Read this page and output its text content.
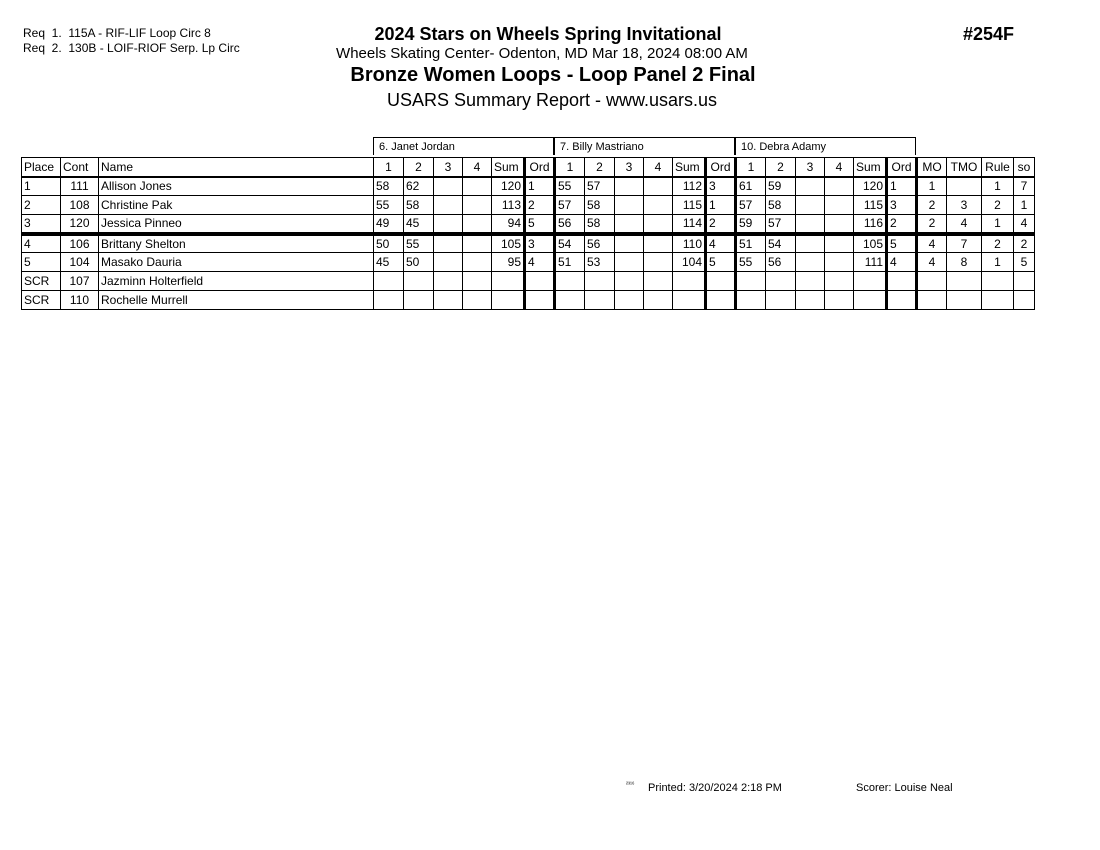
Req  1.  115A - RIF-LIF Loop Circ 8
Req  2.  130B - LOIF-RIOF Serp. Lp Circ
2024 Stars on Wheels Spring Invitational
Wheels Skating Center- Odenton, MD Mar 18, 2024 08:00 AM
Bronze Women Loops - Loop Panel 2 Final
USARS Summary Report - www.usars.us
#254F
6. Janet Jordan	7. Billy Mastriano	10. Debra Adamy
Place	Cont	Name	1	2	3	4	Sum	Ord	1	2	3	4	Sum	Ord	1	2	3	4	Sum	Ord	MO	TMO	Rule	so
1	111	Allison Jones	58	62			120	1	55	57			112	3	61	59			120	1	1		1	7
2	108	Christine Pak	55	58			113	2	57	58			115	1	57	58			115	3	2	3	2	1
3	120	Jessica Pinneo	49	45			94	5	56	58			114	2	59	57			116	2	2	4	1	4
4	106	Brittany Shelton	50	55			105	3	54	56			110	4	51	54			105	5	4	7	2	2
5	104	Masako Dauria	45	50			95	4	51	53			104	5	55	56			111	4	4	8	1	5
SCR	107	Jazminn Holterfield																						
SCR	110	Rochelle Murrell																						
²³¹⁶ Printed: 3/20/2024 2:18 PM	Scorer: Louise Neal
